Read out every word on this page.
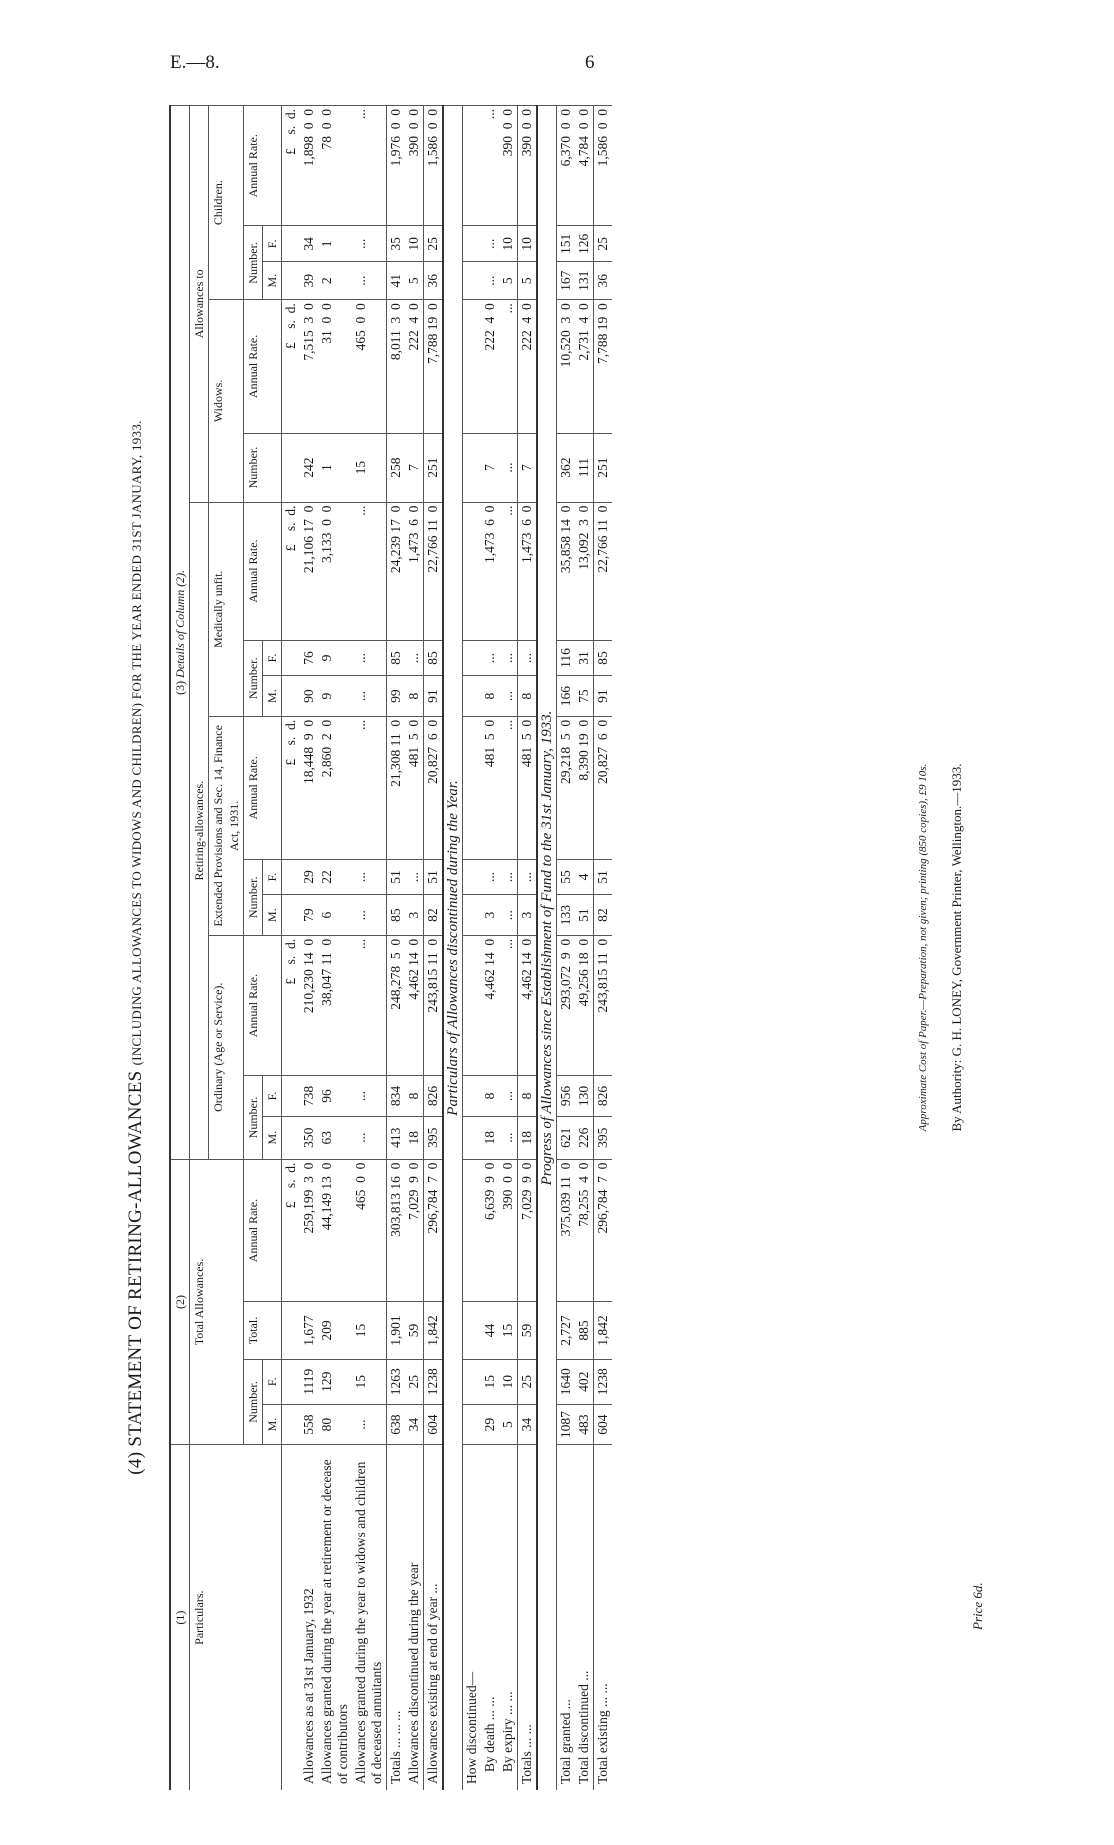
E.—8.	6
(4) STATEMENT OF RETIRING-ALLOWANCES (INCLUDING ALLOWANCES TO WIDOWS AND CHILDREN) FOR THE YEAR ENDED 31ST JANUARY, 1933.
(1)	(2)				(3) Details of Column (2).													
Particulars.	Total Allowances.				Retiring-allowances.									Allowances to				
					Ordinary (Age or Service).			Extended Provisions and Sec. 14, Finance Act, 1931.			Medically unfit.			Widows.		Children.		
	Number.		Total.	Annual Rate.	Number.		Annual Rate.	Number.		Annual Rate.	Number.		Annual Rate.	Number.	Annual Rate.	Number.		Annual Rate.
	M.	F.			M.	F.		M.	F.		M.	F.				M.	F.	
				£    s.  d.			£    s.  d.			£    s.  d.			£    s.  d.		£    s.  d.			£    s.  d.
Allowances as at 31st January, 1932	558	1119	1,677	259,199  3  0	350	738	210,230 14  0	79	29	18,448  9  0	90	76	21,106 17  0	242	7,515  3  0	39	34	1,898  0  0
Allowances granted during the year at retirement or decease of contributors	80	129	209	44,149 13  0	63	96	38,047 11  0	6	22	2,860  2  0	9	9	3,133  0  0	1	31  0  0	2	1	78  0  0
Allowances granted during the year to widows and children of deceased annuitants	...	15	15	465  0  0	...	...	...	...	...	...	...	...	...	15	465  0  0	...	...	...
Totals ... ... ...	638	1263	1,901	303,813 16  0	413	834	248,278  5  0	85	51	21,308 11  0	99	85	24,239 17  0	258	8,011  3  0	41	35	1,976  0  0
Allowances discontinued during the year	34	25	59	7,029  9  0	18	8	4,462 14  0	3	...	481  5  0	8	...	1,473  6  0	7	222  4  0	5	10	390  0  0
Allowances existing at end of year ...	604	1238	1,842	296,784  7  0	395	826	243,815 11  0	82	51	20,827  6  0	91	85	22,766 11  0	251	7,788 19  0	36	25	1,586  0  0
Particulars of Allowances discontinued during the Year.																		
How discontinued—																		
By death ... ...	29	15	44	6,639  9  0	18	8	4,462 14  0	3	...	481  5  0	8	...	1,473  6  0	7	222  4  0	...	...	...
By expiry ... ...	5	10	15	390  0  0	...	...	...	...	...	...	...	...	...	...	...	5	10	390  0  0
Totals ... ...	34	25	59	7,029  9  0	18	8	4,462 14  0	3	...	481  5  0	8	...	1,473  6  0	7	222  4  0	5	10	390  0  0
Progress of Allowances since Establishment of Fund to the 31st January, 1933.																		
Total granted ...	1087	1640	2,727	375,039 11  0	621	956	293,072  9  0	133	55	29,218  5  0	166	116	35,858 14  0	362	10,520  3  0	167	151	6,370  0  0
Total discontinued ...	483	402	885	78,255  4  0	226	130	49,256 18  0	51	4	8,390 19  0	75	31	13,092  3  0	111	2,731  4  0	131	126	4,784  0  0
Total existing ... ...	604	1238	1,842	296,784  7  0	395	826	243,815 11  0	82	51	20,827  6  0	91	85	22,766 11  0	251	7,788 19  0	36	25	1,586  0  0
Approximate Cost of Paper.—Preparation, not given; printing (850 copies), £9 10s. By Authority: G. H. LONEY, Government Printer, Wellington.—1933.
Price 6d.
